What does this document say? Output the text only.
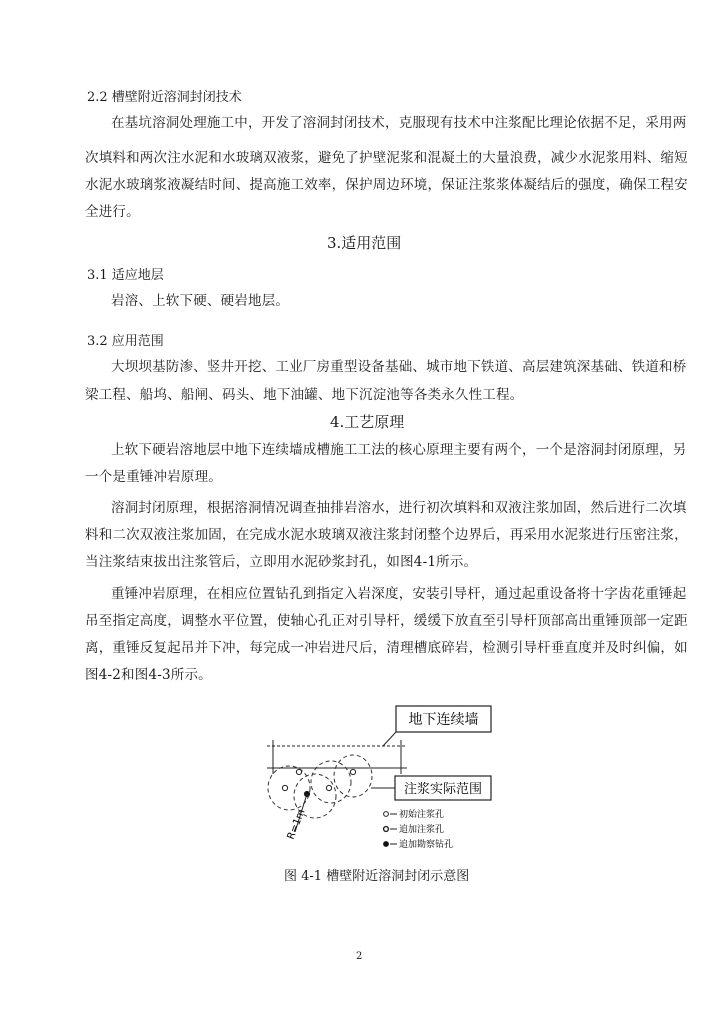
2.2 槽壁附近溶洞封闭技术
在基坑溶洞处理施工中，开发了溶洞封闭技术，克服现有技术中注浆配比理论依据不足，采用两
次填料和两次注水泥和水玻璃双液浆，避免了护壁泥浆和混凝土的大量浪费，减少水泥浆用料、缩短
水泥水玻璃浆液凝结时间、提高施工效率，保护周边环境，保证注浆浆体凝结后的强度，确保工程安
全进行。
3.适用范围
3.1 适应地层
岩溶、上软下硬、硬岩地层。
3.2 应用范围
大坝坝基防渗、竖井开挖、工业厂房重型设备基础、城市地下铁道、高层建筑深基础、铁道和桥
梁工程、船坞、船闸、码头、地下油罐、地下沉淀池等各类永久性工程。
4.工艺原理
上软下硬岩溶地层中地下连续墙成槽施工工法的核心原理主要有两个，一个是溶洞封闭原理，另
一个是重锤冲岩原理。
溶洞封闭原理，根据溶洞情况调查抽排岩溶水，进行初次填料和双液注浆加固，然后进行二次填
料和二次双液注浆加固，在完成水泥水玻璃双液注浆封闭整个边界后，再采用水泥浆进行压密注浆，
当注浆结束拔出注浆管后，立即用水泥砂浆封孔，如图4-1所示。
重锤冲岩原理，在相应位置钻孔到指定入岩深度，安装引导杆，通过起重设备将十字齿花重锤起
吊至指定高度，调整水平位置，使轴心孔正对引导杆，缓缓下放直至引导杆顶部高出重锤顶部一定距
离，重锤反复起吊并下冲，每完成一冲岩进尺后，清理槽底碎岩，检测引导杆垂直度并及时纠偏，如
图4-2和图4-3所示。
地下连续墙
R=1m
注浆实际范围
初始注浆孔
追加注浆孔
追加勘察钻孔
图 4-1 槽壁附近溶洞封闭示意图
2
